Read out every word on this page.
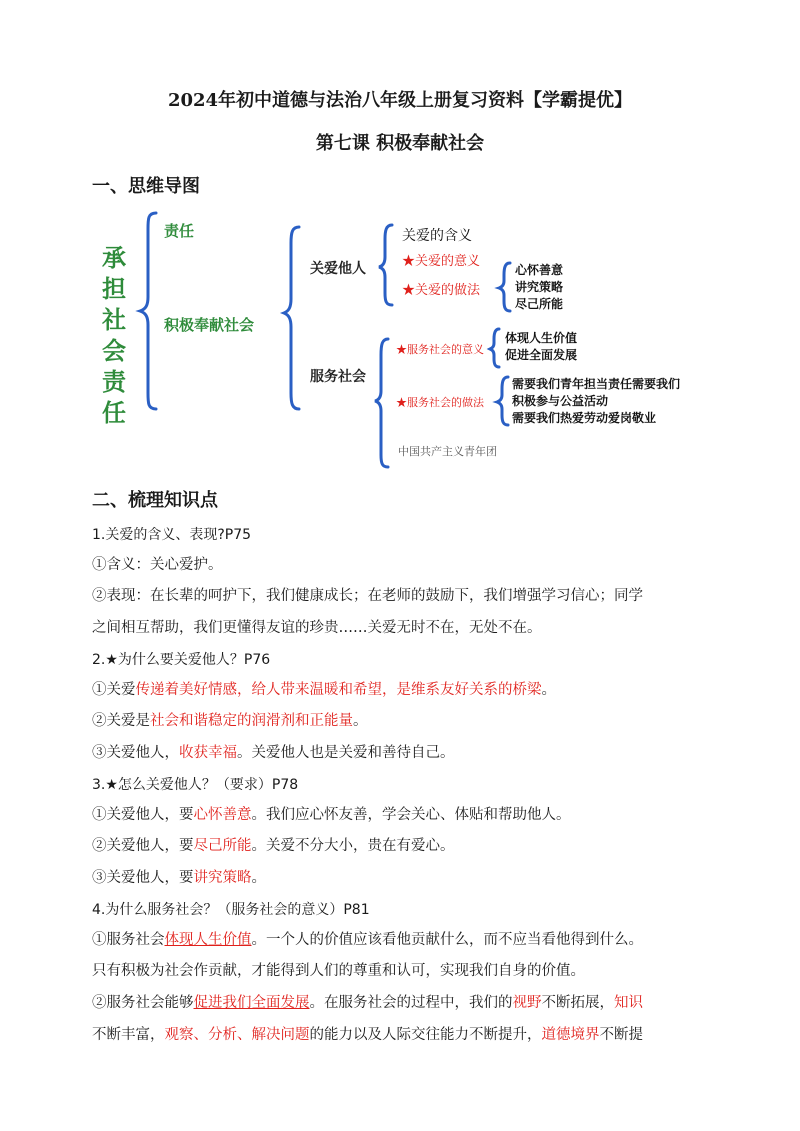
2024年初中道德与法治八年级上册复习资料【学霸提优】
第七课 积极奉献社会
一、思维导图
承
担
社
会
责
任
责任
积极奉献社会
关爱他人
服务社会
关爱的含义
★关爱的意义
★关爱的做法
心怀善意
讲究策略
尽己所能
★服务社会的意义
体现人生价值
促进全面发展
★服务社会的做法
需要我们青年担当责任需要我们
积极参与公益活动
需要我们热爱劳动爱岗敬业
中国共产主义青年团
二、梳理知识点
1.关爱的含义、表现?P75
①含义：关心爱护。
②表现：在长辈的呵护下，我们健康成长；在老师的鼓励下，我们增强学习信心；同学
之间相互帮助，我们更懂得友谊的珍贵……关爱无时不在，无处不在。
2.★为什么要关爱他人？P76
①关爱传递着美好情感，给人带来温暖和希望，是维系友好关系的桥梁。
②关爱是社会和谐稳定的润滑剂和正能量。
③关爱他人，收获幸福。关爱他人也是关爱和善待自己。
3.★怎么关爱他人？（要求）P78
①关爱他人，要心怀善意。我们应心怀友善，学会关心、体贴和帮助他人。
②关爱他人，要尽己所能。关爱不分大小，贵在有爱心。
③关爱他人，要讲究策略。
4.为什么服务社会？（服务社会的意义）P81
①服务社会体现人生价值。一个人的价值应该看他贡献什么，而不应当看他得到什么。
只有积极为社会作贡献，才能得到人们的尊重和认可，实现我们自身的价值。
②服务社会能够促进我们全面发展。在服务社会的过程中，我们的视野不断拓展，知识
不断丰富，观察、分析、解决问题的能力以及人际交往能力不断提升，道德境界不断提
